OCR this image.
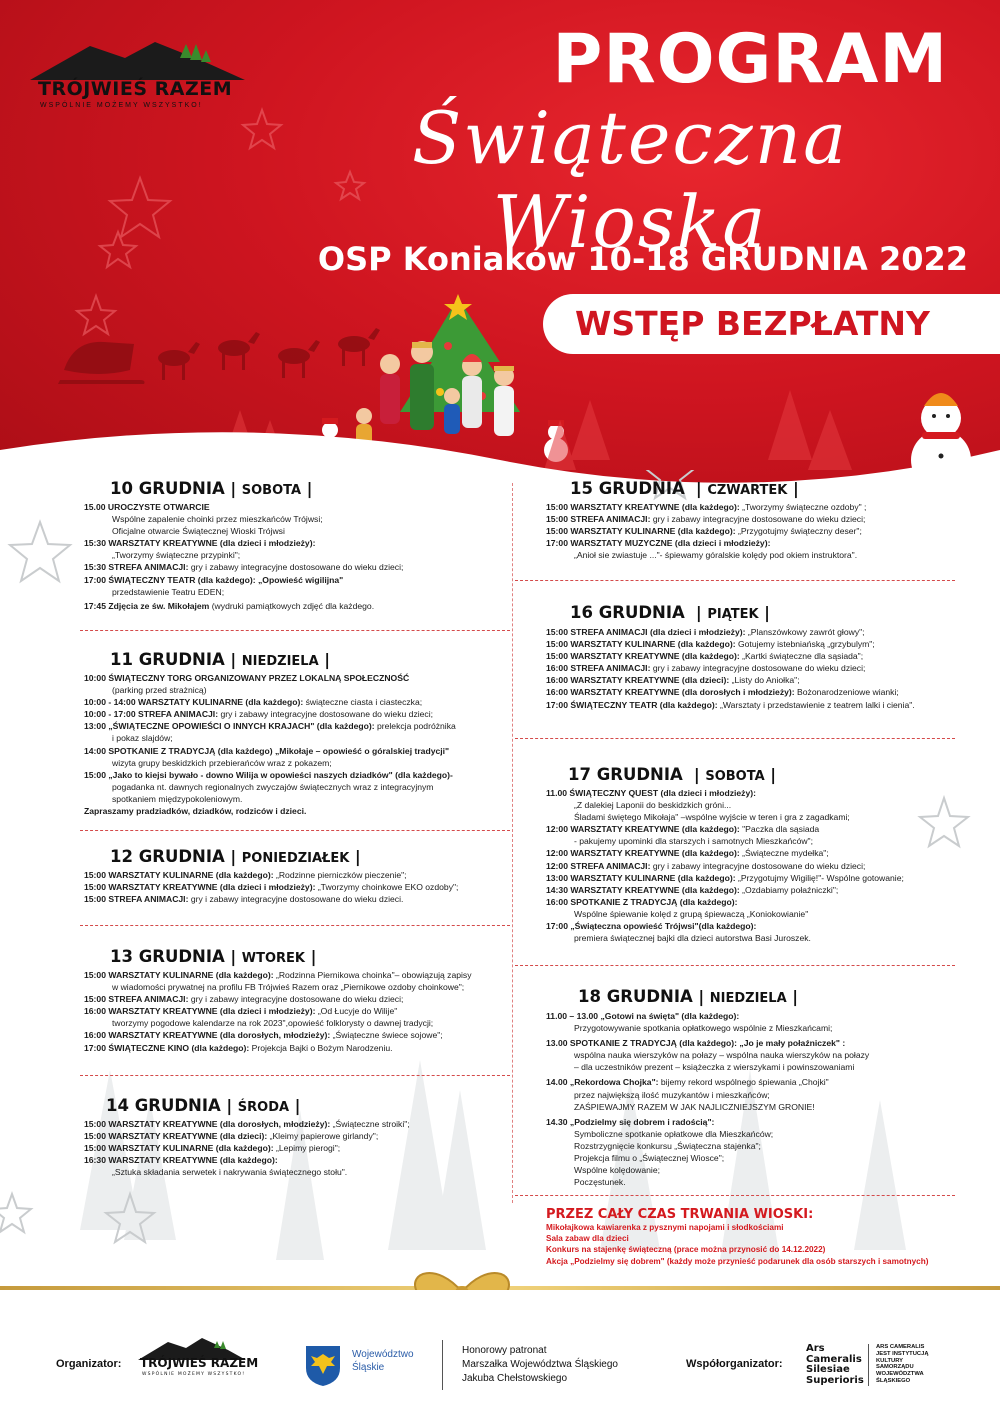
TRÓJWIEŚ RAZEM
WSPÓLNIE MOŻEMY WSZYSTKO!
PROGRAM
Świąteczna Wioska
OSP Koniaków 10-18 GRUDNIA 2022
WSTĘP BEZPŁATNY
10 GRUDNIA | SOBOTA |
15.00 UROCZYSTE OTWARCIE
Wspólne zapalenie choinki przez mieszkańców Trójwsi;
Oficjalne otwarcie Świątecznej Wioski Trójwsi
15:30 WARSZTATY KREATYWNE (dla dzieci i młodzieży):
„Tworzymy świąteczne przypinki";
15:30 STREFA ANIMACJI: gry i zabawy integracyjne dostosowane do wieku dzieci;
17:00 ŚWIĄTECZNY TEATR (dla każdego): „Opowieść wigilijna"
przedstawienie Teatru EDEN;
17:45 Zdjęcia ze św. Mikołajem (wydruki pamiątkowych zdjęć dla każdego.
11 GRUDNIA | NIEDZIELA |
10:00 ŚWIĄTECZNY TORG ORGANIZOWANY PRZEZ LOKALNĄ SPOŁECZNOŚĆ
(parking przed strażnicą)
10:00 - 14:00 WARSZTATY KULINARNE (dla każdego): świąteczne ciasta i ciasteczka;
10:00 - 17:00 STREFA ANIMACJI: gry i zabawy integracyjne dostosowane do wieku dzieci;
13:00 „ŚWIĄTECZNE OPOWIEŚCI O INNYCH KRAJACH" (dla każdego): prelekcja podróżnika
i pokaz slajdów;
14:00 SPOTKANIE Z TRADYCJĄ (dla każdego) „Mikołaje – opowieść o góralskiej tradycji"
wizyta grupy beskidzkich przebierańców wraz z pokazem;
15:00 „Jako to kiejsi bywało - downo Wilija w opowieści naszych dziadków" (dla każdego)-
pogadanka nt. dawnych regionalnych zwyczajów świątecznych wraz z integracyjnym
spotkaniem międzypokoleniowym.
Zapraszamy pradziadków, dziadków, rodziców i dzieci.
12 GRUDNIA | PONIEDZIAŁEK |
15:00 WARSZTATY KULINARNE (dla każdego): „Rodzinne pierniczków pieczenie";
15:00 WARSZTATY KREATYWNE (dla dzieci i młodzieży): „Tworzymy choinkowe EKO ozdoby";
15:00 STREFA ANIMACJI: gry i zabawy integracyjne dostosowane do wieku dzieci.
13 GRUDNIA | WTOREK |
15:00 WARSZTATY KULINARNE (dla każdego): „Rodzinna Piernikowa choinka"– obowiązują zapisy
w wiadomości prywatnej na profilu FB Trójwieś Razem oraz „Piernikowe ozdoby choinkowe";
15:00 STREFA ANIMACJI: gry i zabawy integracyjne dostosowane do wieku dzieci;
16:00 WARSZTATY KREATYWNE (dla dzieci i młodzieży): „Od Łucyje do Wilije"
tworzymy pogodowe kalendarze na rok 2023",opowieść folklorysty o dawnej tradycji;
16:00 WARSZTATY KREATYWNE (dla dorosłych, młodzieży): „Świąteczne świece sojowe";
17:00 ŚWIĄTECZNE KINO (dla każdego): Projekcja Bajki o Bożym Narodzeniu.
14 GRUDNIA | ŚRODA |
15:00 WARSZTATY KREATYWNE (dla dorosłych, młodzieży): „Świąteczne stroiki";
15:00 WARSZTATY KREATYWNE (dla dzieci): „Kleimy papierowe girlandy";
15:00 WARSZTATY KULINARNE (dla każdego): „Lepimy pierogi";
16:30 WARSZTATY KREATYWNE (dla każdego):
„Sztuka składania serwetek i nakrywania świątecznego stołu".
15 GRUDNIA  | CZWARTEK |
15:00 WARSZTATY KREATYWNE (dla każdego): „Tworzymy świąteczne ozdoby" ;
15:00 STREFA ANIMACJI: gry i zabawy integracyjne dostosowane do wieku dzieci;
15:00 WARSZTATY KULINARNE (dla każdego): „Przygotujmy świąteczny deser";
17:00 WARSZTATY MUZYCZNE (dla dzieci i młodzieży):
„Anioł sie zwiastuje ..."- śpiewamy góralskie kolędy pod okiem instruktora".
16 GRUDNIA  | PIĄTEK |
15:00 STREFA ANIMACJI (dla dzieci i młodzieży): „Planszówkowy zawrót głowy";
15:00 WARSZTATY KULINARNE (dla każdego): Gotujemy istebniańską „grzybulym";
15:00 WARSZTATY KREATYWNE (dla każdego): „Kartki świąteczne dla sąsiada";
16:00 STREFA ANIMACJI: gry i zabawy integracyjne dostosowane do wieku dzieci;
16:00 WARSZTATY KREATYWNE (dla dzieci): „Listy do Aniołka";
16:00 WARSZTATY KREATYWNE (dla dorosłych i młodzieży): Bożonarodzeniowe wianki;
17:00 ŚWIĄTECZNY TEATR (dla każdego): „Warsztaty i przedstawienie z teatrem lalki i cienia".
17 GRUDNIA  | SOBOTA |
11.00 ŚWIĄTECZNY QUEST (dla dzieci i młodzieży):
„Z dalekiej Laponii do beskidzkich gróni...
Śladami świętego Mikołaja" –wspólne wyjście w teren i gra z zagadkami;
12:00 WARSZTATY KREATYWNE (dla każdego): "Paczka dla sąsiada
- pakujemy upominki dla starszych i samotnych Mieszkańców";
12:00 WARSZTATY KREATYWNE (dla każdego): „Świąteczne mydełka";
12:00 STREFA ANIMACJI: gry i zabawy integracyjne dostosowane do wieku dzieci;
13:00 WARSZTATY KULINARNE (dla każdego): „Przygotujmy Wigilię!"- Wspólne gotowanie;
14:30 WARSZTATY KREATYWNE (dla każdego): „Ozdabiamy połaźniczki";
16:00 SPOTKANIE Z TRADYCJĄ (dla każdego):
Wspólne śpiewanie kolęd z grupą śpiewaczą „Koniokowianie"
17:00 „Świąteczna opowieść Trójwsi"(dla każdego):
premiera świątecznej bajki dla dzieci autorstwa Basi Juroszek.
18 GRUDNIA | NIEDZIELA |
11.00 – 13.00 „Gotowi na święta" (dla każdego):
Przygotowywanie spotkania opłatkowego wspólnie z Mieszkańcami;
13.00 SPOTKANIE Z TRADYCJĄ (dla każdego): „Jo je mały połaźniczek" :
wspólna nauka wierszyków na połazy – wspólna nauka wierszyków na połazy
– dla uczestników prezent – książeczka z wierszykami i powinszowaniami
14.00 „Rekordowa Chojka": bijemy rekord wspólnego śpiewania „Chojki"
przez największą ilość muzykantów i mieszkańców;
ZAŚPIEWAJMY RAZEM W JAK NAJLICZNIEJSZYM GRONIE!
14.30 „Podzielmy się dobrem i radością":
Symboliczne spotkanie opłatkowe dla Mieszkańców;
Rozstrzygnięcie konkursu „Świąteczna stajenka";
Projekcja filmu o „Świątecznej Wiosce";
Wspólne kolędowanie;
Poczęstunek.
PRZEZ CAŁY CZAS TRWANIA WIOSKI:
Mikołajkowa kawiarenka z pysznymi napojami i słodkościami
Sala zabaw dla dzieci
Konkurs na stajenkę świąteczną (prace można przynosić do 14.12.2022)
Akcja „Podzielmy się dobrem" (każdy może przynieść podarunek dla osób starszych i samotnych)
Organizator: TRÓJWIEŚ RAZEM
WSPÓLNIE MOŻEMY WSZYSTKO!
Województwo
Śląskie
Honorowy patronat
Marszałka Województwa Śląskiego
Jakuba Chełstowskiego
Współorganizator:
Ars
Cameralis
Silesiae
Superioris
ARS CAMERALIS
JEST INSTYTUCJĄ
KULTURY
SAMORZĄDU
WOJEWÓDZTWA
ŚLĄSKIEGO
